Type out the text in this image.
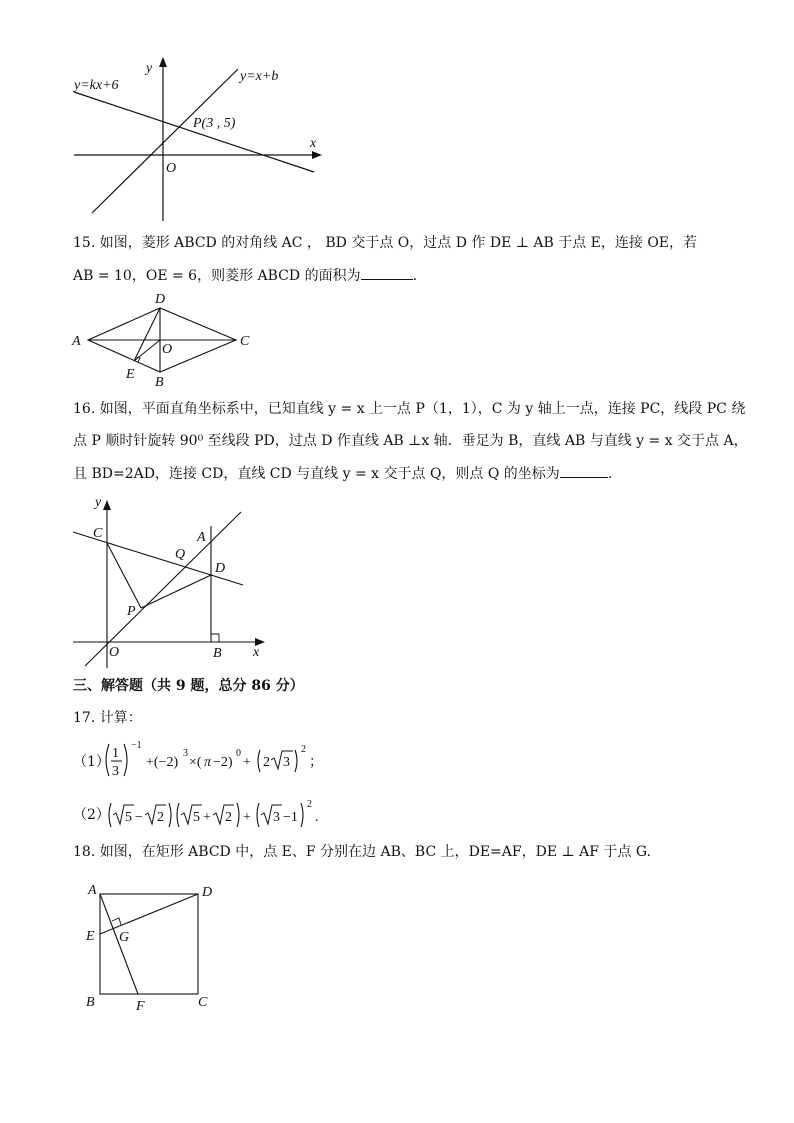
y
x
O
y=kx+6
y=x+b
P(3 , 5)
15. 如图，菱形 ABCD 的对角线 AC ， BD 交于点 O，过点 D 作 DE ⊥ AB 于点 E，连接 OE，若
AB = 10，OE = 6，则菱形 ABCD 的面积为	.
A
D
C
O
E
B
16. 如图，平面直角坐标系中，已知直线 y = x 上一点 P（1，1），C 为 y 轴上一点，连接 PC，线段 PC 绕
点 P 顺时针旋转 90⁰ 至线段 PD，过点 D 作直线 AB ⊥x 轴．垂足为 B，直线 AB 与直线 y = x 交于点 A，
且 BD=2AD，连接 CD，直线 CD 与直线 y = x 交于点 Q，则点 Q 的坐标为	.
y
x
C	A
Q
D
P
O	B
三、解答题（共 9 题，总分 86 分）
17. 计算：
（1）
1
3
−1
+(−2)
3
×( π −2)
0
+ 2 3
2
；
（2） 5 − 2 5 + 2 + 3 −1
2
.
18. 如图，在矩形 ABCD 中，点 E、F 分别在边 AB、BC 上，DE=AF，DE ⊥ AF 于点 G.
A	D
E G
B	F	C
